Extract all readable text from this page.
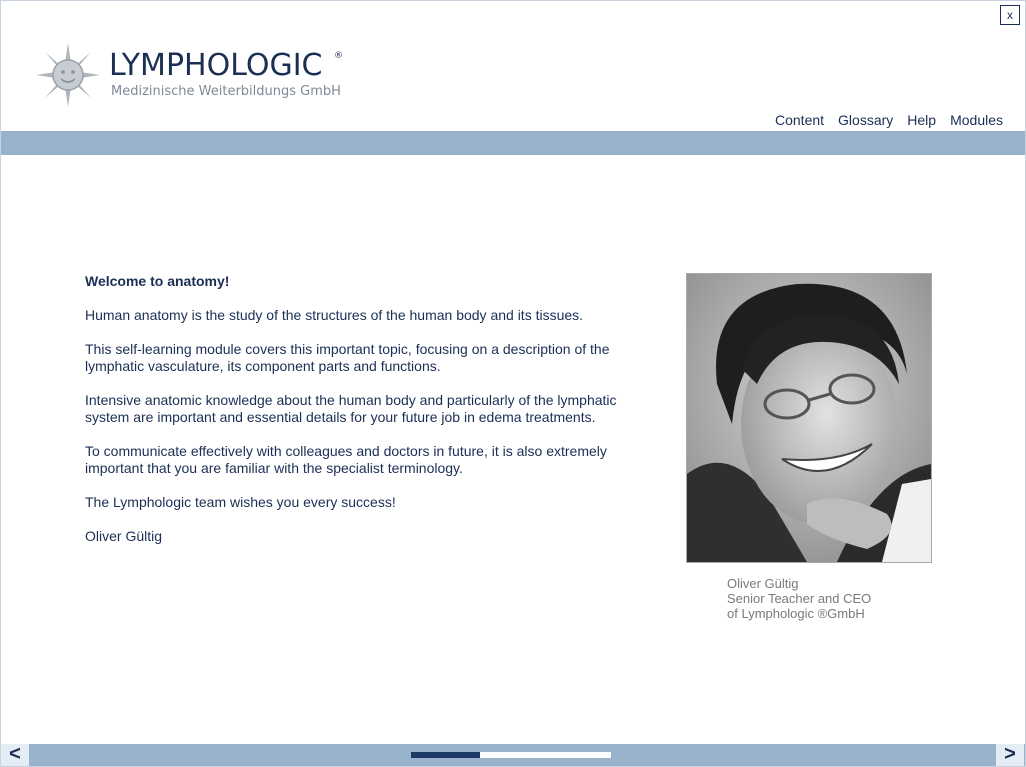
x
LYMPHOLOGIC ®
Medizinische Weiterbildungs GmbH
Content Glossary Help Modules

Welcome to anatomy!

Human anatomy is the study of the structures of the human body and its tissues.

This self-learning module covers this important topic, focusing on a description of the lymphatic vasculature, its component parts and functions.

Intensive anatomic knowledge about the human body and particularly of the lymphatic system are important and essential details for your future job in edema treatments.

To communicate effectively with colleagues and doctors in future, it is also extremely important that you are familiar with the specialist terminology.

The Lymphologic team wishes you every success!

Oliver Gültig

Oliver Gültig
Senior Teacher and CEO
of Lymphologic ®GmbH
<	>
